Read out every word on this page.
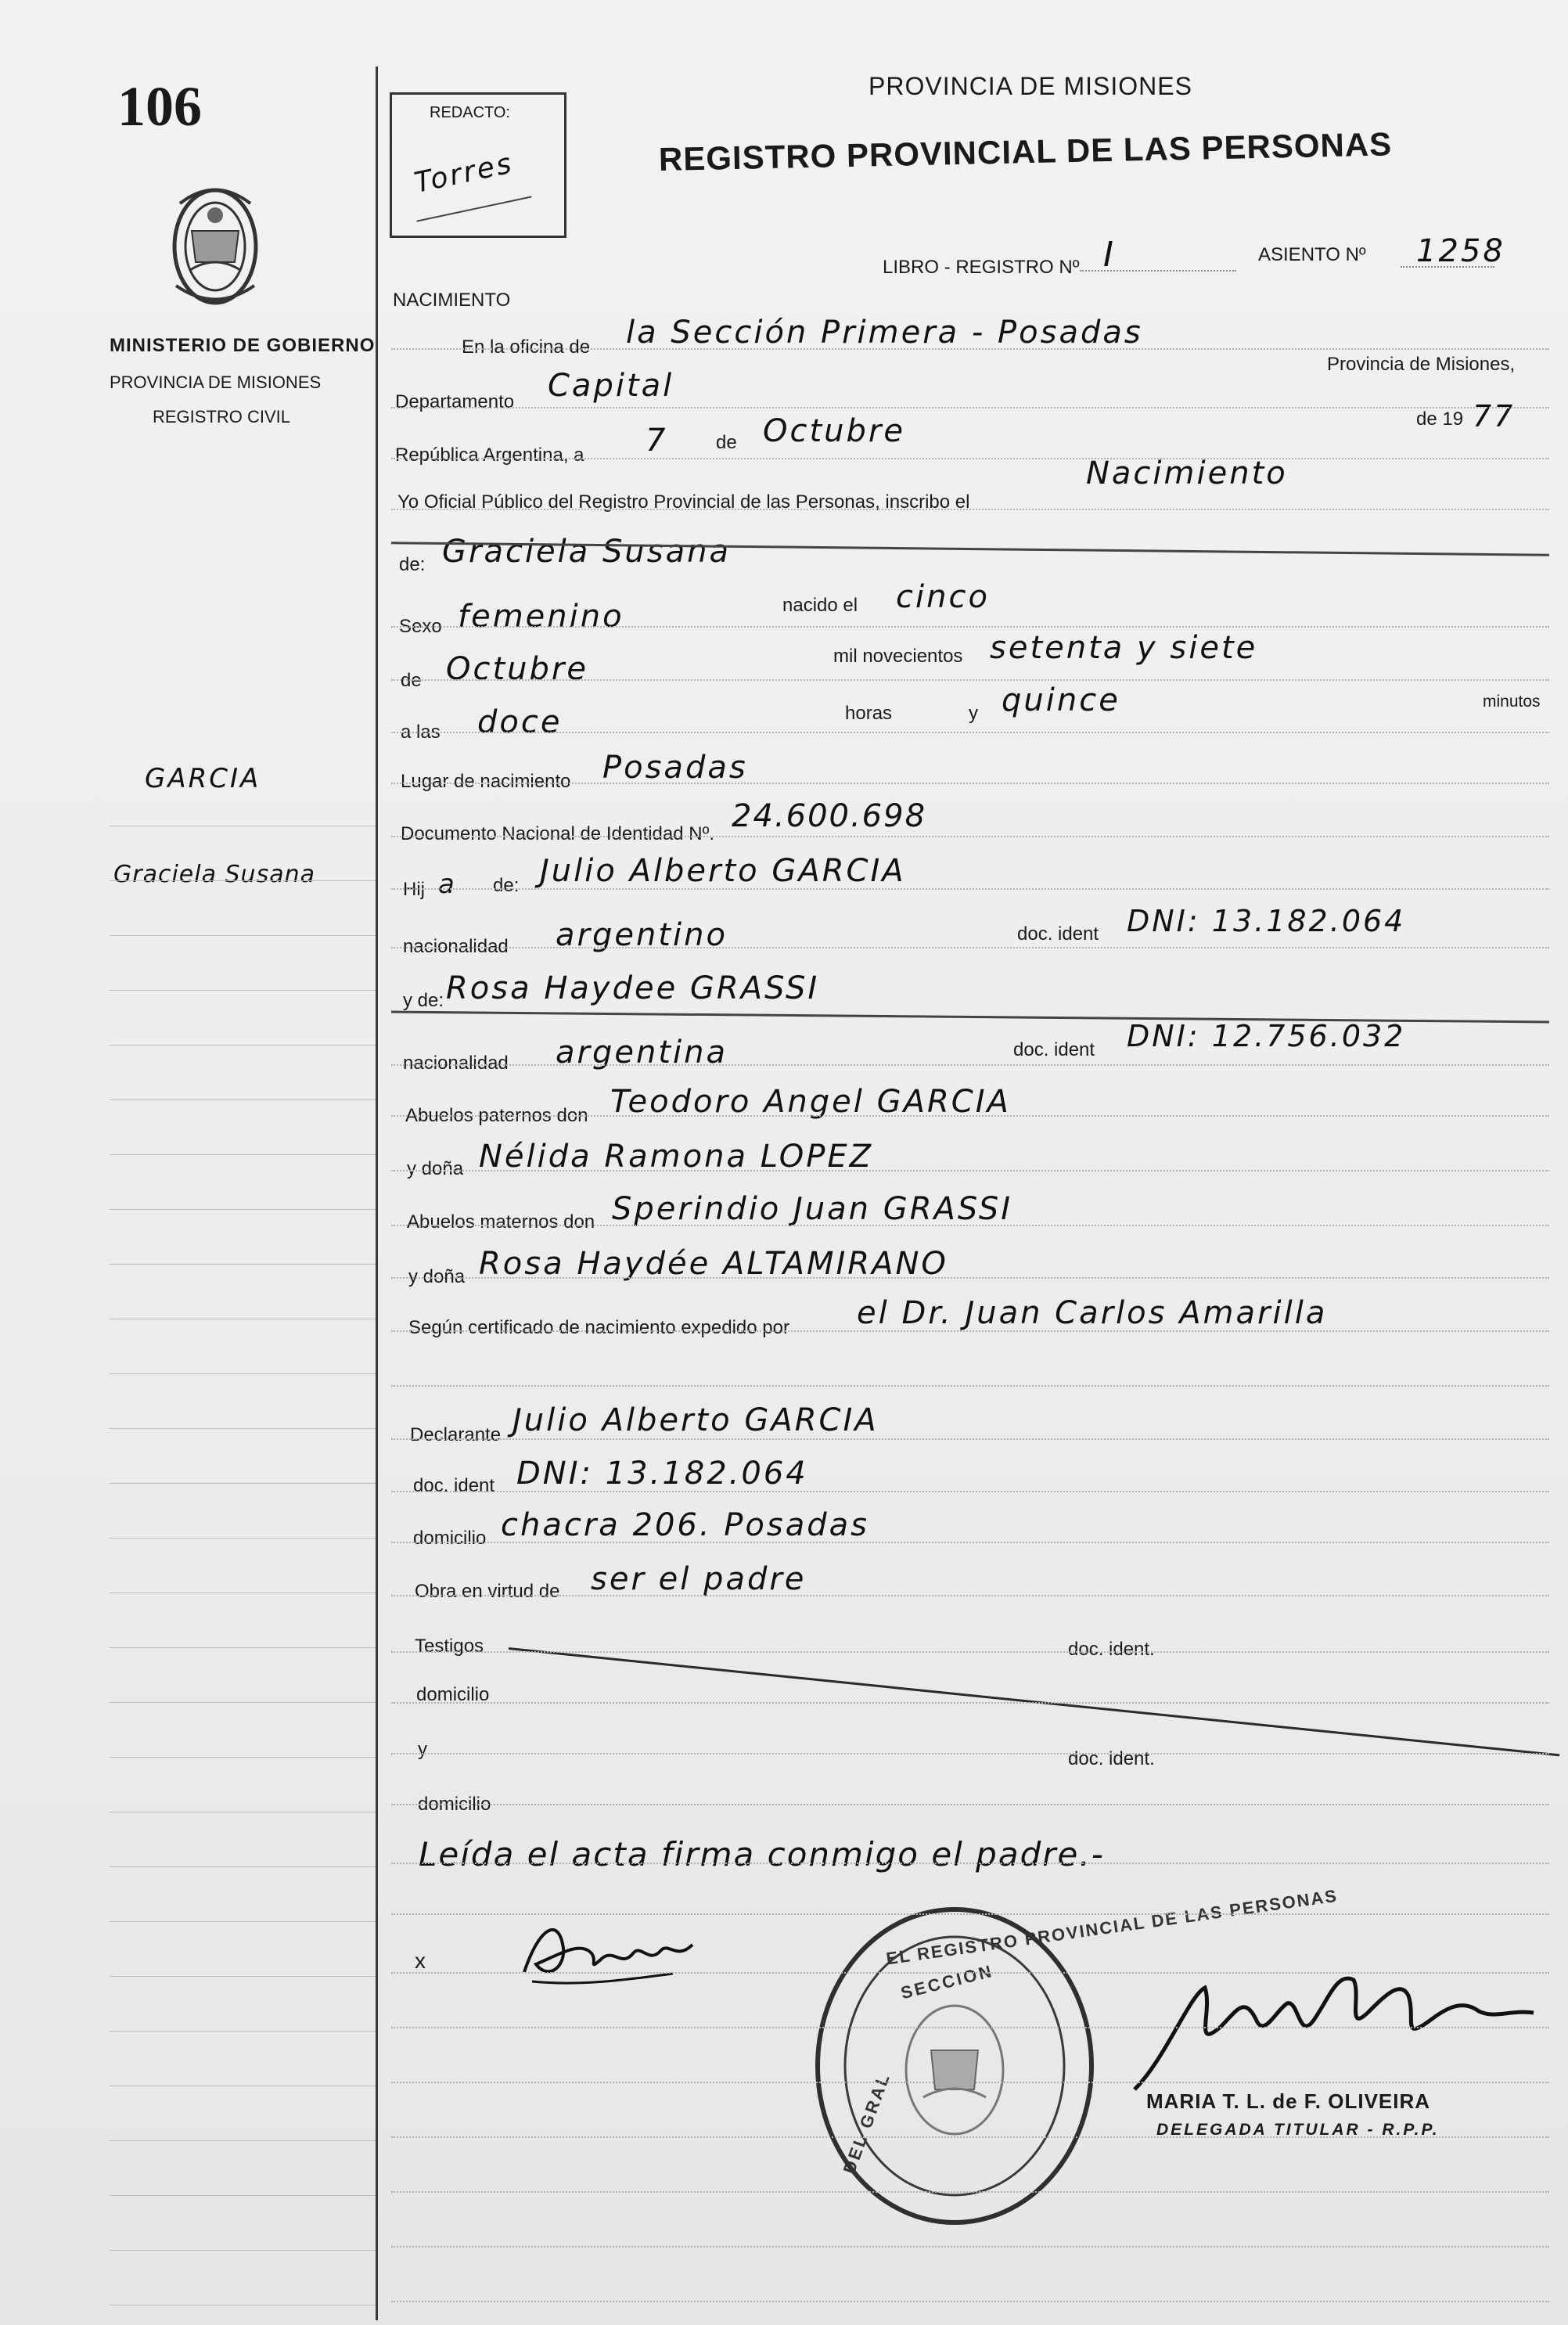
106
MINISTERIO DE GOBIERNO
PROVINCIA DE MISIONES
REGISTRO CIVIL
GARCIA
Graciela Susana
REDACTO:
Torres
PROVINCIA DE MISIONES
REGISTRO PROVINCIAL DE LAS PERSONAS
LIBRO - REGISTRO Nº I	ASIENTO Nº 1258
NACIMIENTO
En la oficina de la Sección Primera - Posadas
Provincia de Misiones,
Departamento Capital
República Argentina, a 7	de Octubre	de 19 77
Yo Oficial Público del Registro Provincial de las Personas, inscribo el
Nacimiento
de: Graciela Susana
Sexo femenino	nacido el cinco
de Octubre	mil novecientos setenta y siete
a las doce	horas	y quince	minutos
Lugar de nacimiento Posadas
Documento Nacional de Identidad Nº. 24.600.698
Hij a de: Julio Alberto GARCIA
nacionalidad argentino	doc. ident DNI: 13.182.064
y de: Rosa Haydee GRASSI
nacionalidad argentina	doc. ident DNI: 12.756.032
Abuelos paternos don Teodoro Angel GARCIA
y doña Nélida Ramona LOPEZ
Abuelos maternos don Sperindio Juan GRASSI
y doña Rosa Haydée ALTAMIRANO
Según certificado de nacimiento expedido por el Dr. Juan Carlos Amarilla
Declarante Julio Alberto GARCIA
doc. ident DNI: 13.182.064
domicilio chacra 206. Posadas
Obra en virtud de ser el padre
Testigos	doc. ident.
domicilio
y	doc. ident.
domicilio
Leída el acta firma conmigo el padre.-
x	EL REGISTRO PROVINCIAL DE LAS PERSONAS
SECCION
DEL GRAL	MARIA T. L. de F. OLIVEIRA
DELEGADA TITULAR - R.P.P.
